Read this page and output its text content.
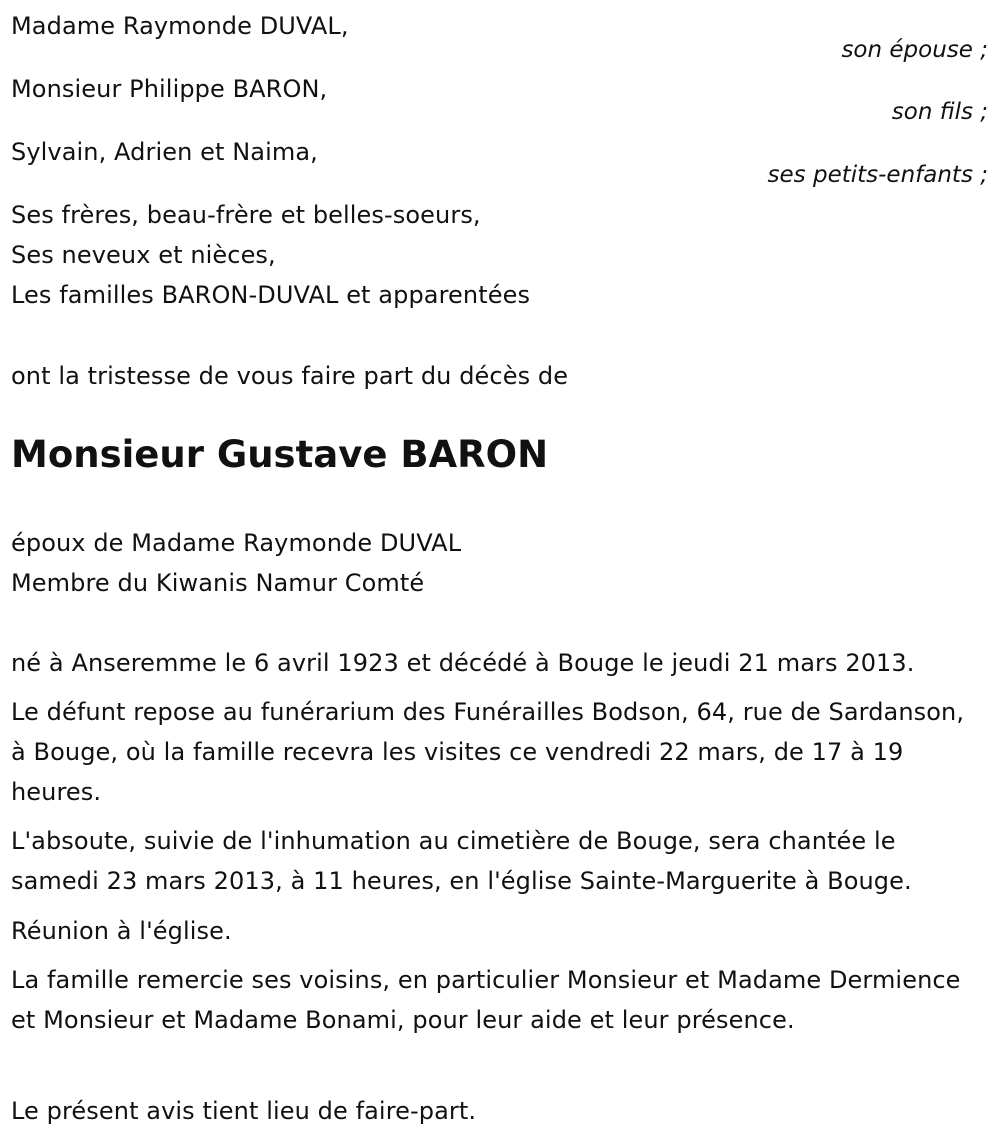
Madame Raymonde DUVAL,
son épouse ;
Monsieur Philippe BARON,
son fils ;
Sylvain, Adrien et Naima,
ses petits-enfants ;
Ses frères, beau-frère et belles-soeurs,
Ses neveux et nièces,
Les familles BARON-DUVAL et apparentées
ont la tristesse de vous faire part du décès de
Monsieur Gustave BARON
époux de Madame Raymonde DUVAL
Membre du Kiwanis Namur Comté
né à Anseremme le 6 avril 1923 et décédé à Bouge le jeudi 21 mars 2013.
Le défunt repose au funérarium des Funérailles Bodson, 64, rue de Sardanson, à Bouge, où la famille recevra les visites ce vendredi 22 mars, de 17 à 19 heures.
L'absoute, suivie de l'inhumation au cimetière de Bouge, sera chantée le samedi 23 mars 2013, à 11 heures, en l'église Sainte-Marguerite à Bouge.
Réunion à l'église.
La famille remercie ses voisins, en particulier Monsieur et Madame Dermience et Monsieur et Madame Bonami, pour leur aide et leur présence.
Le présent avis tient lieu de faire-part.
